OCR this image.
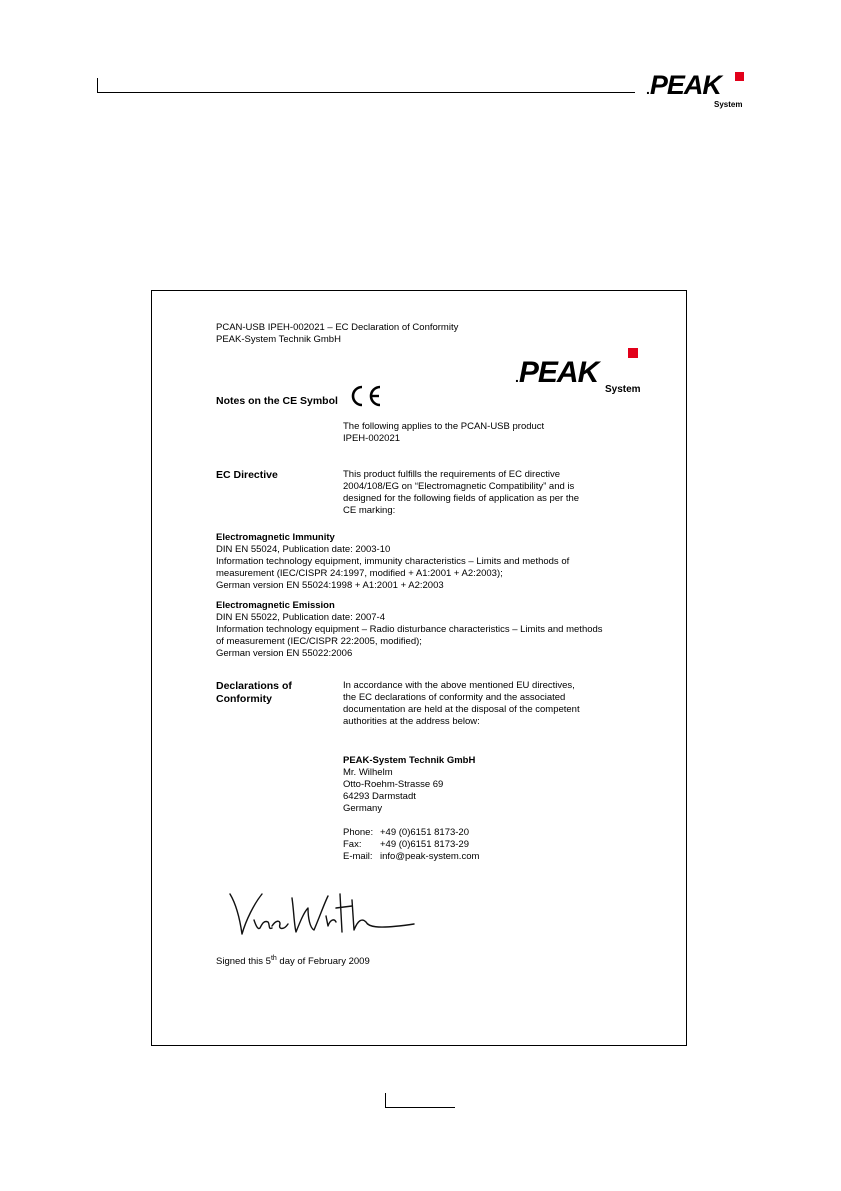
.PEAK
System

PCAN-USB IPEH-002021 – EC Declaration of Conformity

PEAK-System Technik GmbH

.PEAK
System
Notes on the CE Symbol

The following applies to the PCAN-USB product

IPEH-002021

EC Directive	This product fulfills the requirements of EC directive

2004/108/EG on “Electromagnetic Compatibility” and is

designed for the following fields of application as per the

CE marking:

Electromagnetic Immunity

DIN EN 55024, Publication date: 2003-10

Information technology equipment, immunity characteristics – Limits and methods of

measurement (IEC/CISPR 24:1997, modified + A1:2001 + A2:2003);

German version EN 55024:1998 + A1:2001 + A2:2003

Electromagnetic Emission

DIN EN 55022, Publication date: 2007-4

Information technology equipment – Radio disturbance characteristics – Limits and methods

of measurement (IEC/CISPR 22:2005, modified);

German version EN 55022:2006

Declarations of
Conformity

In accordance with the above mentioned EU directives,

the EC declarations of conformity and the associated

documentation are held at the disposal of the competent

authorities at the address below:

PEAK-System Technik GmbH

Mr. Wilhelm

Otto-Roehm-Strasse 69

64293 Darmstadt

Germany

Phone: +49 (0)6151 8173-20

Fax: +49 (0)6151 8173-29

E-mail: info@peak-system.com

Signed this 5th day of February 2009
